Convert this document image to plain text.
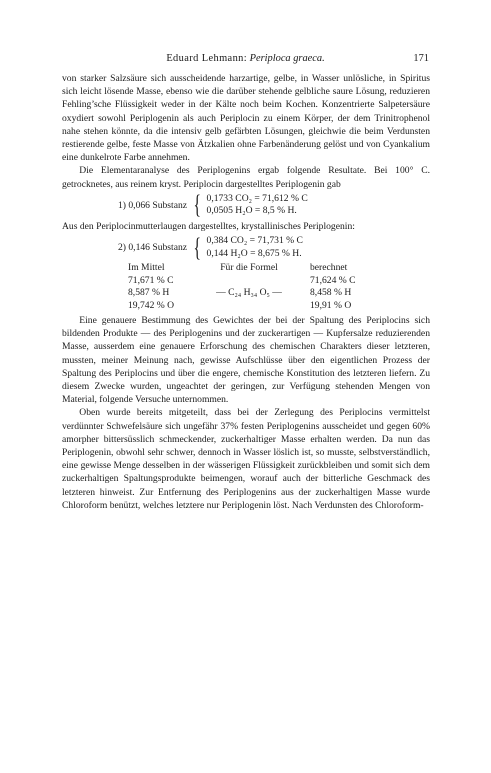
Eduard Lehmann: Periploca graeca.	171

von starker Salzsäure sich ausscheidende harzartige, gelbe, in Wasser unlösliche, in Spiritus sich leicht lösende Masse, ebenso wie die darüber stehende gelbliche saure Lösung, reduzieren Fehling’sche Flüssigkeit weder in der Kälte noch beim Kochen. Konzentrierte Salpetersäure oxydiert sowohl Periplogenin als auch Periplocin zu einem Körper, der dem Trinitrophenol nahe stehen könnte, da die intensiv gelb gefärbten Lösungen, gleichwie die beim Verdunsten restierende gelbe, feste Masse von Ätzkalien ohne Farbenänderung gelöst und von Cyankalium eine dunkelrote Farbe annehmen.

Die Elementaranalyse des Periplogenins ergab folgende Resultate. Bei 100° C. getrocknetes, aus reinem kryst. Periplocin dargestelltes Periplogenin gab

1) 0,066 Substanz { 0,1733 CO₂ = 71,612 % C
0,0505 H₂O = 8,5 % H.

Aus den Periplocinmutterlaugen dargestelltes, krystallinisches Periplogenin:

2) 0,146 Substanz { 0,384 CO₂ = 71,731 % C
0,144 H₂O = 8,675 % H.
Im Mittel
71,671 % C
8,587 % H
19,742 % O
Für die Formel
— C₂₄ H₃₄ O₅ —
berechnet
71,624 % C
8,458 % H
19,91 % O

Eine genauere Bestimmung des Gewichtes der bei der Spaltung des Periplocins sich bildenden Produkte — des Periplogenins und der zuckerartigen — Kupfersalze reduzierenden Masse, ausserdem eine genauere Erforschung des chemischen Charakters dieser letzteren, mussten, meiner Meinung nach, gewisse Aufschlüsse über den eigentlichen Prozess der Spaltung des Periplocins und über die engere, chemische Konstitution des letzteren liefern. Zu diesem Zwecke wurden, ungeachtet der geringen, zur Verfügung stehenden Mengen von Material, folgende Versuche unternommen.

Oben wurde bereits mitgeteilt, dass bei der Zerlegung des Periplocins vermittelst verdünnter Schwefelsäure sich ungefähr 37% festen Periplogenins ausscheidet und gegen 60% amorpher bittersüsslich schmeckender, zuckerhaltiger Masse erhalten werden. Da nun das Periplogenin, obwohl sehr schwer, dennoch in Wasser löslich ist, so musste, selbstverständlich, eine gewisse Menge desselben in der wässerigen Flüssigkeit zurückbleiben und somit sich dem zuckerhaltigen Spaltungsprodukte beimengen, worauf auch der bitterliche Geschmack des letzteren hinweist. Zur Entfernung des Periplogenins aus der zuckerhaltigen Masse wurde Chloroform benützt, welches letztere nur Periplogenin löst. Nach Verdunsten des Chloroform-
